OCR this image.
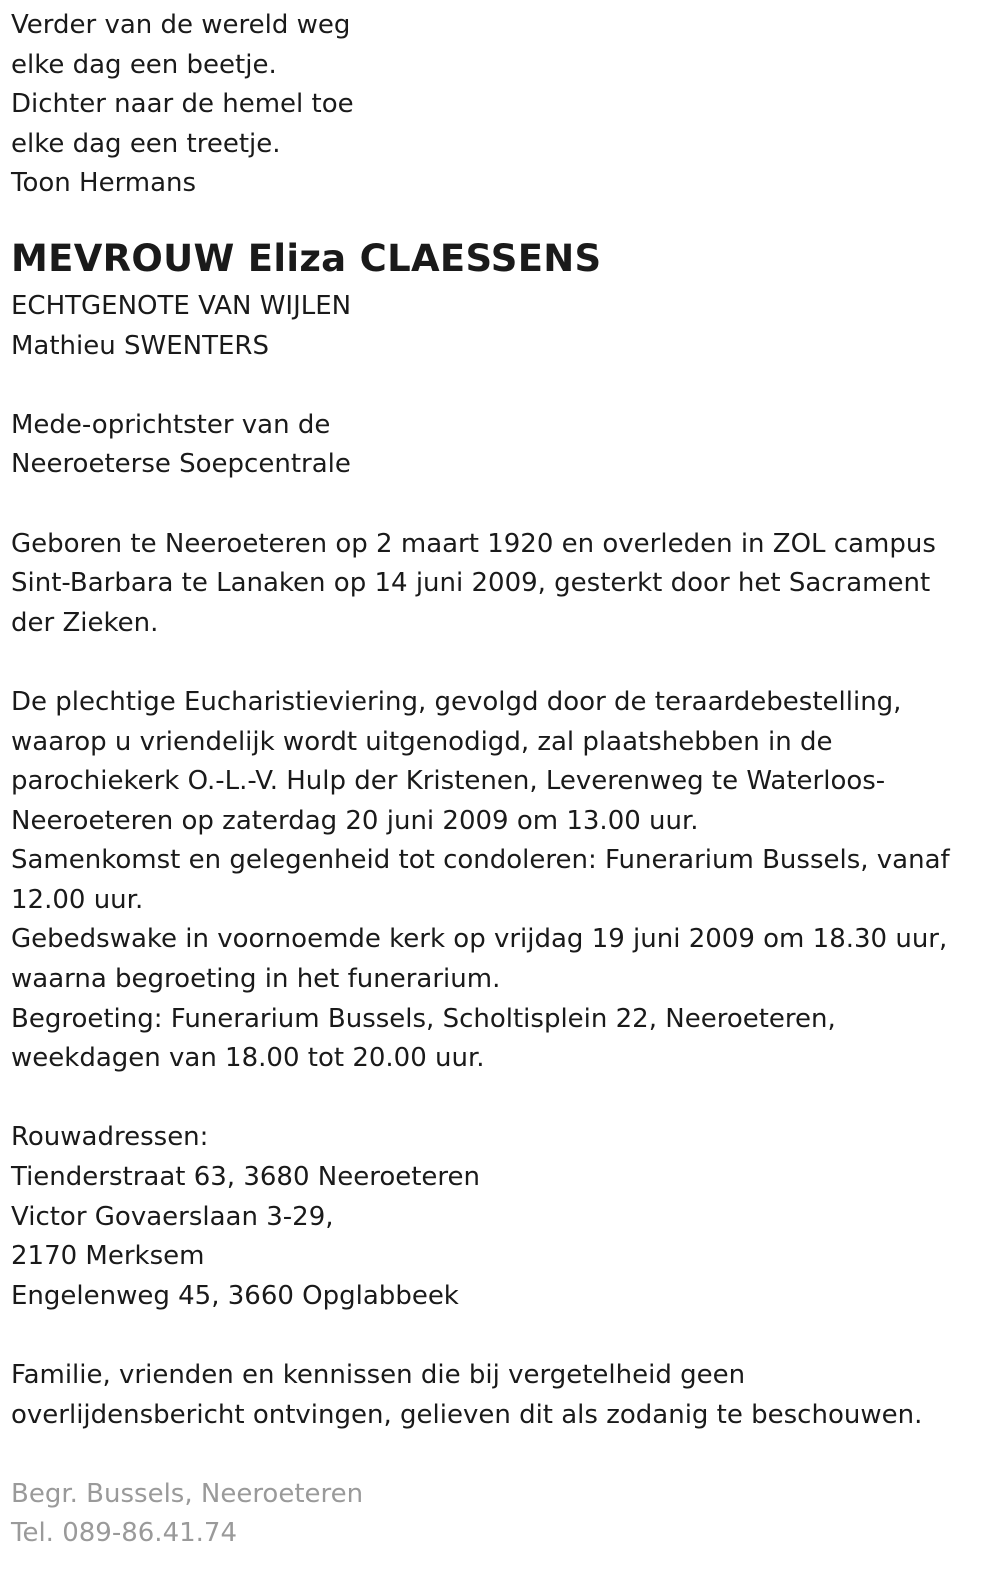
Verder van de wereld weg
elke dag een beetje.
Dichter naar de hemel toe
elke dag een treetje.
Toon Hermans
MEVROUW Eliza CLAESSENS
ECHTGENOTE VAN WIJLEN
Mathieu SWENTERS
Mede-oprichtster van de
Neeroeterse Soepcentrale
Geboren te Neeroeteren op 2 maart 1920 en overleden in ZOL campus
Sint-Barbara te Lanaken op 14 juni 2009, gesterkt door het Sacrament
der Zieken.
De plechtige Eucharistieviering, gevolgd door de teraardebestelling,
waarop u vriendelijk wordt uitgenodigd, zal plaatshebben in de
parochiekerk O.-L.-V. Hulp der Kristenen, Leverenweg te Waterloos-
Neeroeteren op zaterdag 20 juni 2009 om 13.00 uur.
Samenkomst en gelegenheid tot condoleren: Funerarium Bussels, vanaf
12.00 uur.
Gebedswake in voornoemde kerk op vrijdag 19 juni 2009 om 18.30 uur,
waarna begroeting in het funerarium.
Begroeting: Funerarium Bussels, Scholtisplein 22, Neeroeteren,
weekdagen van 18.00 tot 20.00 uur.
Rouwadressen:
Tienderstraat 63, 3680 Neeroeteren
Victor Govaerslaan 3-29,
2170 Merksem
Engelenweg 45, 3660 Opglabbeek
Familie, vrienden en kennissen die bij vergetelheid geen
overlijdensbericht ontvingen, gelieven dit als zodanig te beschouwen.
Begr. Bussels, Neeroeteren
Tel. 089-86.41.74
